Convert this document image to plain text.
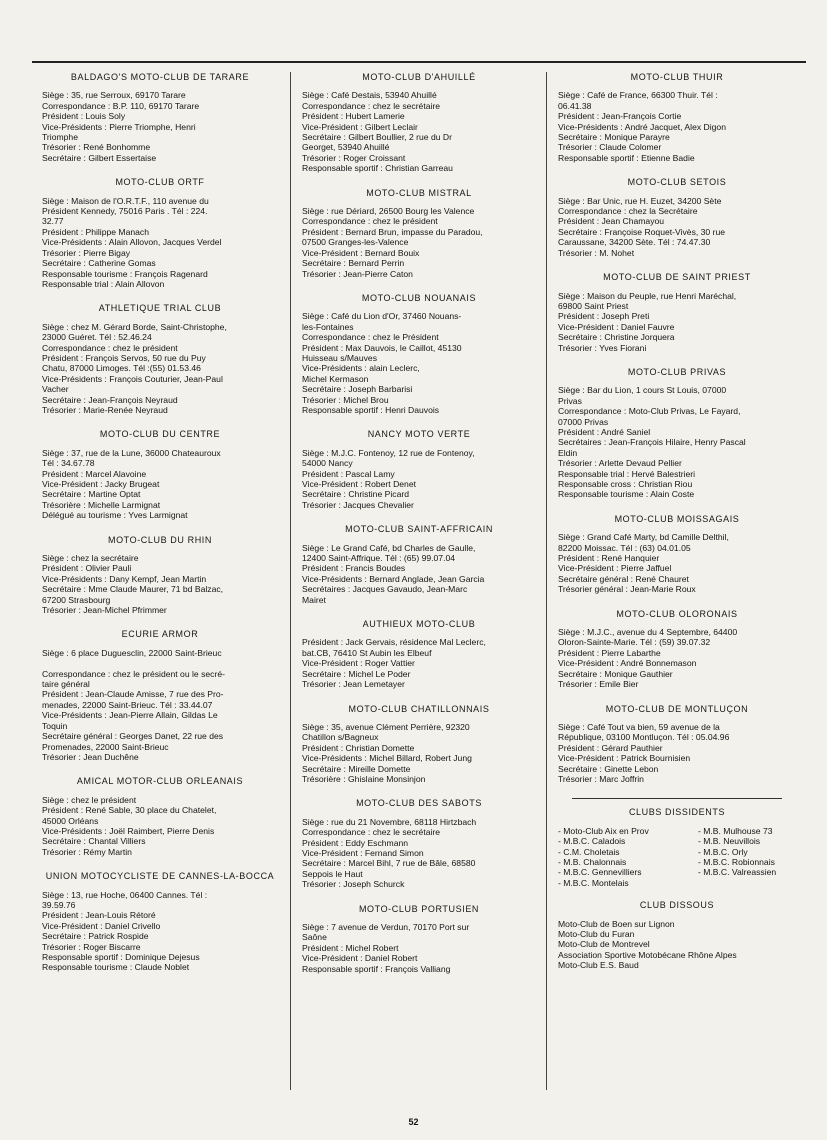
BALDAGO'S MOTO-CLUB DE TARARE
Siège : 35, rue Serroux, 69170 Tarare
Correspondance : B.P. 110, 69170 Tarare
Président : Louis Soly
Vice-Présidents : Pierre Triomphe, Henri
Triomphe
Trésorier : René Bonhomme
Secrétaire : Gilbert Essertaise
MOTO-CLUB ORTF
Siège : Maison de l'O.R.T.F., 110 avenue du
Président Kennedy, 75016 Paris . Tél : 224.
32.77
Président : Philippe Manach
Vice-Présidents : Alain Allovon, Jacques Verdel
Trésorier : Pierre Bigay
Secrétaire : Catherine Gomas
Responsable tourisme : François Ragenard
Responsable trial : Alain Allovon
ATHLETIQUE TRIAL CLUB
Siège : chez M. Gérard Borde, Saint-Christophe,
23000 Guéret. Tél : 52.46.24
Correspondance : chez le président
Président : François Servos, 50 rue du Puy
Chatu, 87000 Limoges. Tél :(55) 01.53.46
Vice-Présidents : François Couturier, Jean-Paul
Vacher
Secrétaire : Jean-François Neyraud
Trésorier : Marie-Renée Neyraud
MOTO-CLUB DU CENTRE
Siège : 37, rue de la Lune, 36000 Chateauroux
Tél : 34.67.78
Président : Marcel Alavoine
Vice-Président : Jacky Brugeat
Secrétaire : Martine Optat
Trésorière : Michelle Larmignat
Délégué au tourisme : Yves Larmignat
MOTO-CLUB DU RHIN
Siège : chez la secrétaire
Président : Olivier Pauli
Vice-Présidents : Dany Kempf, Jean Martin
Secrétaire : Mme Claude Maurer, 71 bd Balzac,
67200 Strasbourg
Trésorier : Jean-Michel Pfrimmer
ECURIE ARMOR
Siège : 6 place Duguesclin, 22000 Saint-Brieuc
Correspondance : chez le président ou le secré-
taire général
Président : Jean-Claude Amisse, 7 rue des Pro-
menades, 22000 Saint-Brieuc. Tél : 33.44.07
Vice-Présidents : Jean-Pierre Allain, Gildas Le
Toquin
Secrétaire général : Georges Danet, 22 rue des
Promenades, 22000 Saint-Brieuc
Trésorier : Jean Duchêne
AMICAL MOTOR-CLUB ORLEANAIS
Siège : chez le président
Président : René Sable, 30 place du Chatelet,
45000 Orléans
Vice-Présidents : Joël Raimbert, Pierre Denis
Secrétaire : Chantal Villiers
Trésorier : Rémy Martin
UNION MOTOCYCLISTE DE CANNES-LA-BOCCA
Siège : 13, rue Hoche, 06400 Cannes. Tél :
39.59.76
Président : Jean-Louis Rétoré
Vice-Président : Daniel Crivello
Secrétaire : Patrick Rospide
Trésorier : Roger Biscarre
Responsable sportif : Dominique Dejesus
Responsable tourisme : Claude Noblet
MOTO-CLUB D'AHUILLÉ
Siège : Café Destais, 53940 Ahuillé
Correspondance : chez le secrétaire
Président : Hubert Lamerie
Vice-Président : Gilbert Leclair
Secrétaire : Gilbert Boullier, 2 rue du Dr
Georget, 53940 Ahuillé
Trésorier : Roger Croissant
Responsable sportif : Christian Garreau
MOTO-CLUB MISTRAL
Siège : rue Dériard, 26500 Bourg les Valence
Correspondance : chez le président
Président : Bernard Brun, impasse du Paradou,
07500 Granges-les-Valence
Vice-Président : Bernard Bouix
Secrétaire : Bernard Perrin
Trésorier : Jean-Pierre Caton
MOTO-CLUB NOUANAIS
Siège : Café du Lion d'Or, 37460 Nouans-
les-Fontaines
Correspondance : chez le Président
Président : Max Dauvois, le Caillot, 45130
Huisseau s/Mauves
Vice-Présidents : alain Leclerc,
Michel Kermason
Secrétaire : Joseph Barbarisi
Trésorier : Michel Brou
Responsable sportif : Henri Dauvois
NANCY MOTO VERTE
Siège : M.J.C. Fontenoy, 12 rue de Fontenoy,
54000 Nancy
Président : Pascal Lamy
Vice-Président : Robert Denet
Secrétaire : Christine Picard
Trésorier : Jacques Chevalier
MOTO-CLUB SAINT-AFFRICAIN
Siège : Le Grand Café, bd Charles de Gaulle,
12400 Saint-Affrique. Tél : (65) 99.07.04
Président : Francis Boudes
Vice-Présidents : Bernard Anglade, Jean Garcia
Secrétaires : Jacques Gavaudo, Jean-Marc
Mairet
AUTHIEUX MOTO-CLUB
Président : Jack Gervais, résidence Mal Leclerc,
bat.CB, 76410 St Aubin les Elbeuf
Vice-Président : Roger Vattier
Secrétaire : Michel Le Poder
Trésorier : Jean Lemetayer
MOTO-CLUB CHATILLONNAIS
Siège : 35, avenue Clément Perrière, 92320
Chatillon s/Bagneux
Président : Christian Domette
Vice-Présidents : Michel Billard, Robert Jung
Secrétaire : Mireille Domette
Trésorière : Ghislaine Monsinjon
MOTO-CLUB DES SABOTS
Siège : rue du 21 Novembre, 68118 Hirtzbach
Correspondance : chez le secrétaire
Président : Eddy Eschmann
Vice-Président : Fernand Simon
Secrétaire : Marcel Bihl, 7 rue de Bâle, 68580
Seppois le Haut
Trésorier : Joseph Schurck
MOTO-CLUB PORTUSIEN
Siège : 7 avenue de Verdun, 70170 Port sur
Saône
Président : Michel Robert
Vice-Président : Daniel Robert
Responsable sportif : François Valliang
MOTO-CLUB THUIR
Siège : Café de France, 66300 Thuir. Tél :
06.41.38
Président : Jean-François Cortie
Vice-Présidents : André Jacquet, Alex Digon
Secrétaire : Monique Parayre
Trésorier : Claude Colomer
Responsable sportif : Etienne Badie
MOTO-CLUB SETOIS
Siège : Bar Unic, rue H. Euzet, 34200 Sète
Correspondance : chez la Secrétaire
Président : Jean Chamayou
Secrétaire : Françoise Roquet-Vivès, 30 rue
Caraussane, 34200 Sète. Tél : 74.47.30
Trésorier : M. Nohet
MOTO-CLUB DE SAINT PRIEST
Siège : Maison du Peuple, rue Henri Maréchal,
69800 Saint Priest
Président : Joseph Preti
Vice-Président : Daniel Fauvre
Secrétaire : Christine Jorquera
Trésorier : Yves Fiorani
MOTO-CLUB PRIVAS
Siège : Bar du Lion, 1 cours St Louis, 07000
Privas
Correspondance : Moto-Club Privas, Le Fayard,
07000 Privas
Président : André Saniel
Secrétaires : Jean-François Hilaire, Henry Pascal
Eldin
Trésorier : Arlette Devaud Pellier
Responsable trial : Hervé Balestrieri
Responsable cross : Christian Riou
Responsable tourisme : Alain Coste
MOTO-CLUB MOISSAGAIS
Siège : Grand Café Marty, bd Camille Delthil,
82200 Moissac. Tél : (63) 04.01.05
Président : René Hanquier
Vice-Président : Pierre Jaffuel
Secrétaire général : René Chauret
Trésorier général : Jean-Marie Roux
MOTO-CLUB OLORONAIS
Siège : M.J.C., avenue du 4 Septembre, 64400
Oloron-Sainte-Marie. Tél : (59) 39.07.32
Président : Pierre Labarthe
Vice-Président : André Bonnemason
Secrétaire : Monique Gauthier
Trésorier : Emile Bier
MOTO-CLUB DE MONTLUÇON
Siège : Café Tout va bien, 59 avenue de la
République, 03100 Montluçon. Tél : 05.04.96
Président : Gérard Pauthier
Vice-Président : Patrick Bournisien
Secrétaire : Ginette Lebon
Trésorier : Marc Joffrin
CLUBS DISSIDENTS
- Moto-Club Aix en Prov
- M.B.C. Caladois
- C.M. Choletais
- M.B. Chalonnais
- M.B.C. Gennevilliers
- M.B.C. Montelais
- M.B. Mulhouse 73
- M.B. Neuvillois
- M.B.C. Orly
- M.B.C. Robionnais
- M.B.C. Valreassien
CLUB DISSOUS
Moto-Club de Boen sur Lignon
Moto-Club du Furan
Moto-Club de Montrevel
Association Sportive Motobécane Rhône Alpes
Moto-Club E.S. Baud
52
